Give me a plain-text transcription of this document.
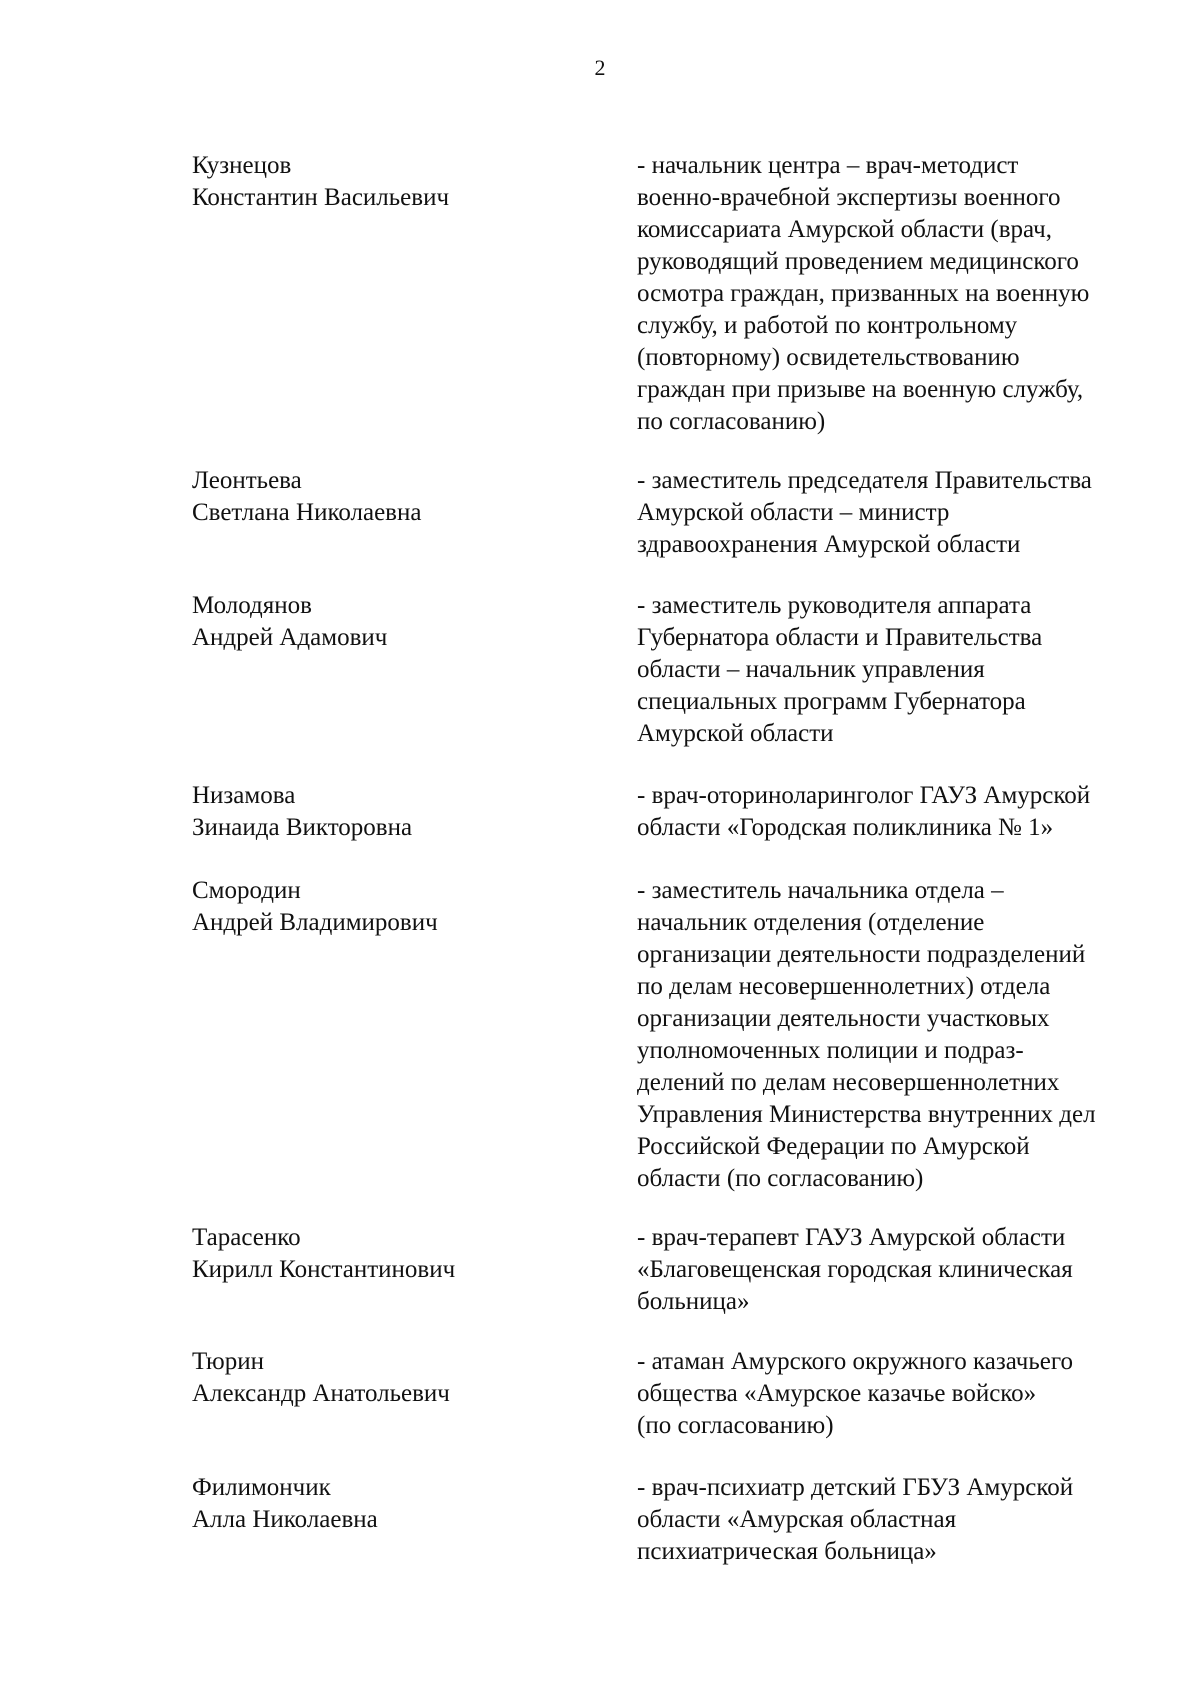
2
Кузнецов
Константин Васильевич
- начальник центра – врач-методист
военно-врачебной экспертизы военного
комиссариата Амурской области (врач,
руководящий проведением медицинского
осмотра граждан, призванных на военную
службу, и работой по контрольному
(повторному) освидетельствованию
граждан при призыве на военную службу,
по согласованию)
Леонтьева
Светлана Николаевна
- заместитель председателя Правительства
Амурской области – министр
здравоохранения Амурской области
Молодянов
Андрей Адамович
- заместитель руководителя аппарата
Губернатора области и Правительства
области – начальник управления
специальных программ Губернатора
Амурской области
Низамова
Зинаида Викторовна
- врач-оториноларинголог ГАУЗ Амурской
области «Городская поликлиника № 1»
Смородин
Андрей Владимирович
- заместитель начальника отдела –
начальник отделения (отделение
организации деятельности подразделений
по делам несовершеннолетних) отдела
организации деятельности участковых
уполномоченных полиции и подраз-
делений по делам несовершеннолетних
Управления Министерства внутренних дел
Российской Федерации по Амурской
области (по согласованию)
Тарасенко
Кирилл Константинович
- врач-терапевт ГАУЗ Амурской области
«Благовещенская городская клиническая
больница»
Тюрин
Александр Анатольевич
- атаман Амурского окружного казачьего
общества «Амурское казачье войско»
(по согласованию)
Филимончик
Алла Николаевна
- врач-психиатр детский ГБУЗ Амурской
области «Амурская областная
психиатрическая больница»
